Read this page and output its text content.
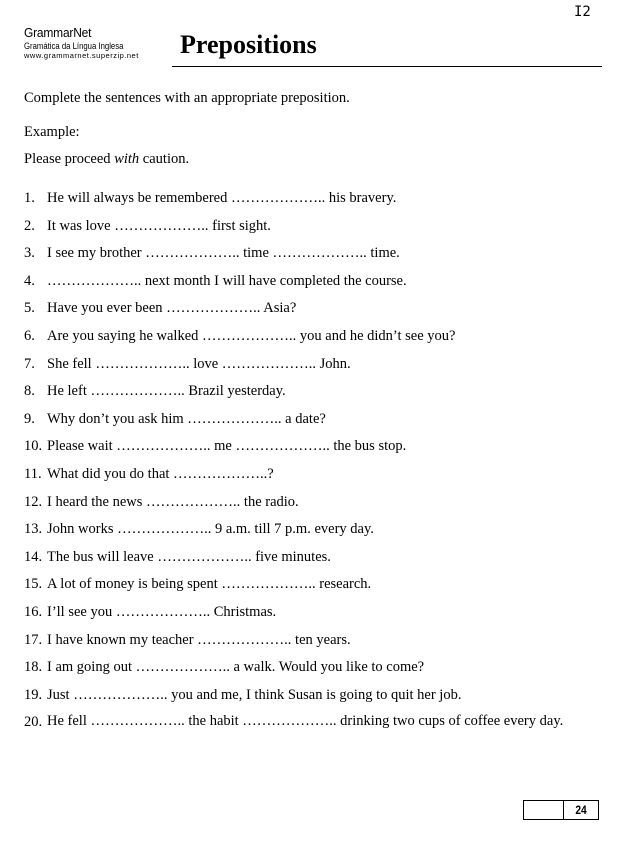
I2
GrammarNet
Gramática da Língua Inglesa
www.grammarnet.superzip.net Prepositions
Complete the sentences with an appropriate preposition.
Example:
Please proceed with caution.
1. He will always be remembered ……………….. his bravery.
2. It was love ……………….. first sight.
3. I see my brother ……………….. time ……………….. time.
4. ……………….. next month I will have completed the course.
5. Have you ever been ……………….. Asia?
6. Are you saying he walked ……………….. you and he didn’t see you?
7. She fell ……………….. love ……………….. John.
8. He left ……………….. Brazil yesterday.
9. Why don’t you ask him ……………….. a date?
10. Please wait ……………….. me ……………….. the bus stop.
11. What did you do that ………………..?
12. I heard the news ……………….. the radio.
13. John works ……………….. 9 a.m. till 7 p.m. every day.
14. The bus will leave ……………….. five minutes.
15. A lot of money is being spent ……………….. research.
16. I’ll see you ……………….. Christmas.
17. I have known my teacher ……………….. ten years.
18. I am going out ……………….. a walk. Would you like to come?
19. Just ……………….. you and me, I think Susan is going to quit her job.
20. He fell ……………….. the habit ……………….. drinking two cups of coffee every day.
24
